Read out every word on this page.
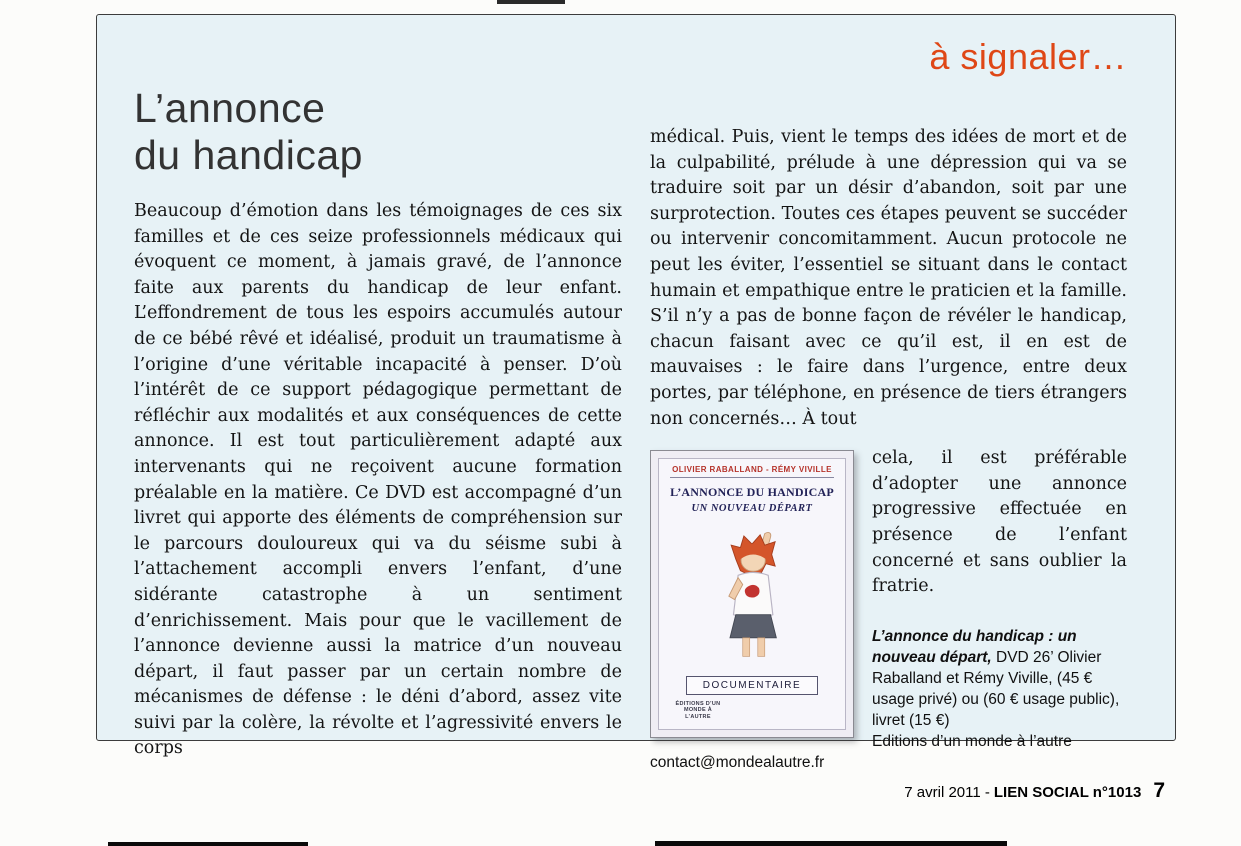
à signaler…
L’annonce
du handicap

Beaucoup d’émotion dans les témoignages de ces six familles et de ces seize professionnels médicaux qui évoquent ce moment, à jamais gravé, de l’annonce faite aux parents du handicap de leur enfant. L’effondrement de tous les espoirs accumulés autour de ce bébé rêvé et idéalisé, produit un traumatisme à l’origine d’une véritable incapacité à penser. D’où l’intérêt de ce support pédagogique permettant de réfléchir aux modalités et aux conséquences de cette annonce. Il est tout particulièrement adapté aux intervenants qui ne reçoivent aucune formation préalable en la matière. Ce DVD est accompagné d’un livret qui apporte des éléments de compréhension sur le parcours douloureux qui va du séisme subi à l’attachement accompli envers l’enfant, d’une sidérante catastrophe à un sentiment d’enrichissement. Mais pour que le vacillement de l’annonce devienne aussi la matrice d’un nouveau départ, il faut passer par un certain nombre de mécanismes de défense : le déni d’abord, assez vite suivi par la colère, la révolte et l’agressivité envers le corps

médical. Puis, vient le temps des idées de mort et de la culpabilité, prélude à une dépression qui va se traduire soit par un désir d’abandon, soit par une surprotection. Toutes ces étapes peuvent se succéder ou intervenir concomitamment. Aucun protocole ne peut les éviter, l’essentiel se situant dans le contact humain et empathique entre le praticien et la famille. S’il n’y a pas de bonne façon de révéler le handicap, chacun faisant avec ce qu’il est, il en est de mauvaises : le faire dans l’urgence, entre deux portes, par téléphone, en présence de tiers étrangers non concernés… À tout

OLIVIER RABALLAND - RÉMY VIVILLE
L’ANNONCE DU HANDICAP
UN NOUVEAU DÉPART
DOCUMENTAIRE
ÉDITIONS D’UN MONDE À L’AUTRE

cela, il est préférable d’adopter une annonce progressive effectuée en présence de l’enfant concerné et sans oublier la fratrie.

L’annonce du handicap : un nouveau départ, DVD 26’ Olivier Raballand et Rémy Viville, (45 € usage privé) ou (60 € usage public), livret (15 €)
Editions d’un monde à l’autre
contact@mondealautre.fr
7 avril 2011 - LIEN SOCIAL n°1013 7
